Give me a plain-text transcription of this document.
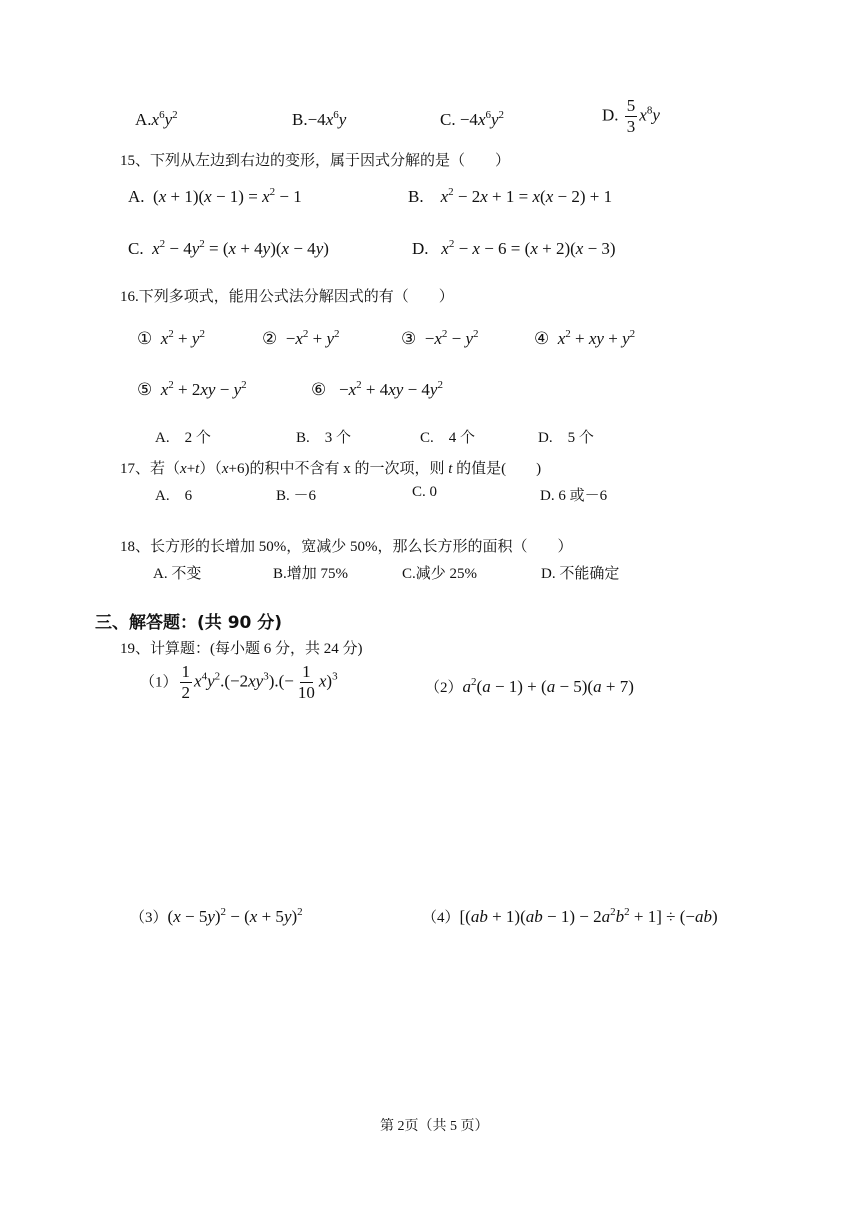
$A.x^6y^2$	$B.-4x^6y$	C. $-4x^6y^2$	D. $\frac{5}{3} x^8y$
15、下列从左边到右边的变形，属于因式分解的是（　　）
A.  $(x + 1)(x - 1) = x^2 - 1$	B. $x^2 - 2x + 1 = x(x - 2) + 1$
C. $x^2 - 4y^2 = (x + 4y)(x - 4y)$	D. $x^2 - x - 6 = (x + 2)(x - 3)$
16.下列多项式，能用公式法分解因式的有（　　）
① $x^2 + y^2$	②  $-x^2 + y^2$	③  $-x^2 - y^2$	④ $x^2$ + xy + $y^2$
⑤ $x^2 + 2xy - y^2$	⑥   $-x^2 + 4xy - 4y^2$
A.　2 个	B.　3 个	C.　4 个	D.　5 个
17、若（x+t）（x+6)的积中不含有 x 的一次项，则 t 的值是(　　)
A.　6	B. －6	C. 0	D. 6 或－6
18、长方形的长增加 50%，宽减少 50%，那么长方形的面积（　　）
A. 不变	B.增加 75%	C.减少 25%	D. 不能确定
三、解答题：(共 90 分)
19、计算题：(每小题 6 分，共 24 分)
$(1) \frac{1}{2} x^4y^2.(-2xy^3).(- \frac{1}{10} x)^3$
$(2)a^2(a - 1) + (a - 5)(a + 7)$
$(3)(x - 5y)^2 - (x + 5y)^2$	$(4)[(ab + 1)(ab - 1) - 2a^2b^2 + 1] \div (-ab)$
第 2页（共 5 页）
